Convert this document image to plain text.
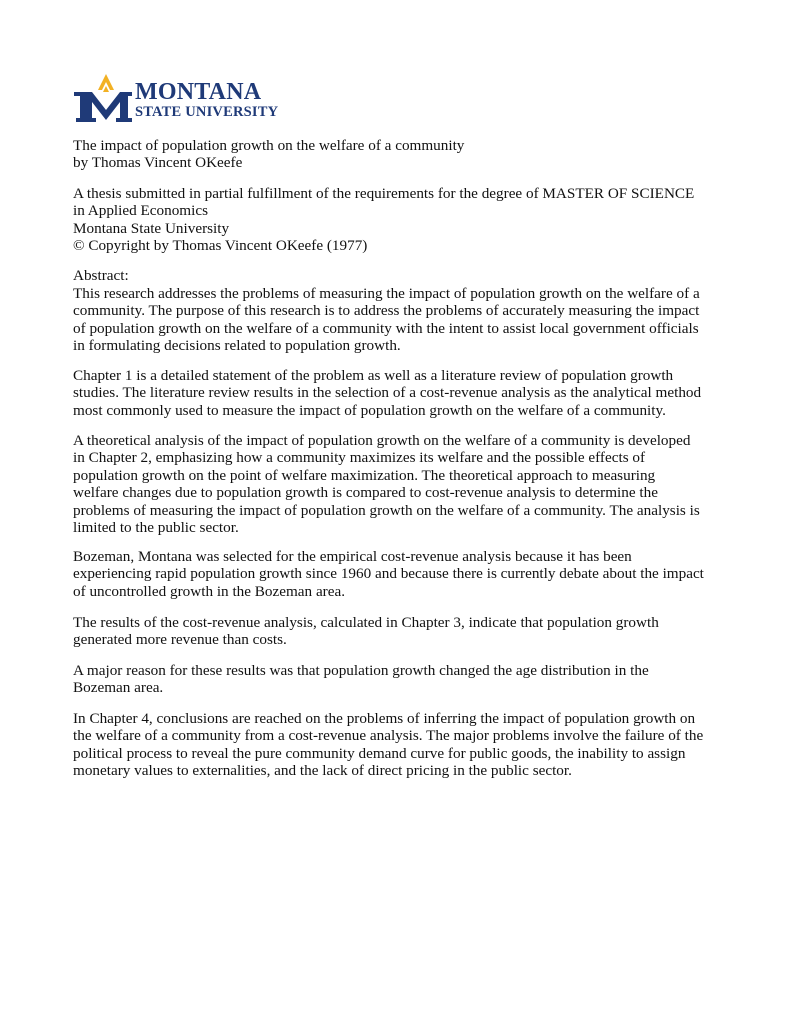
MONTANA
STATE UNIVERSITY
The impact of population growth on the welfare of a community
by Thomas Vincent OKeefe
A thesis submitted in partial fulfillment of the requirements for the degree of MASTER OF SCIENCE
in Applied Economics
Montana State University
© Copyright by Thomas Vincent OKeefe (1977)
Abstract:
This research addresses the problems of measuring the impact of population growth on the welfare of a
community. The purpose of this research is to address the problems of accurately measuring the impact
of population growth on the welfare of a community with the intent to assist local government officials
in formulating decisions related to population growth.
Chapter 1 is a detailed statement of the problem as well as a literature review of population growth
studies. The literature review results in the selection of a cost-revenue analysis as the analytical method
most commonly used to measure the impact of population growth on the welfare of a community.
A theoretical analysis of the impact of population growth on the welfare of a community is developed
in Chapter 2, emphasizing how a community maximizes its welfare and the possible effects of
population growth on the point of welfare maximization. The theoretical approach to measuring
welfare changes due to population growth is compared to cost-revenue analysis to determine the
problems of measuring the impact of population growth on the welfare of a community. The analysis is
limited to the public sector.
Bozeman, Montana was selected for the empirical cost-revenue analysis because it has been
experiencing rapid population growth since 1960 and because there is currently debate about the impact
of uncontrolled growth in the Bozeman area.
The results of the cost-revenue analysis, calculated in Chapter 3, indicate that population growth
generated more revenue than costs.
A major reason for these results was that population growth changed the age distribution in the
Bozeman area.
In Chapter 4, conclusions are reached on the problems of inferring the impact of population growth on
the welfare of a community from a cost-revenue analysis. The major problems involve the failure of the
political process to reveal the pure community demand curve for public goods, the inability to assign
monetary values to externalities, and the lack of direct pricing in the public sector.
